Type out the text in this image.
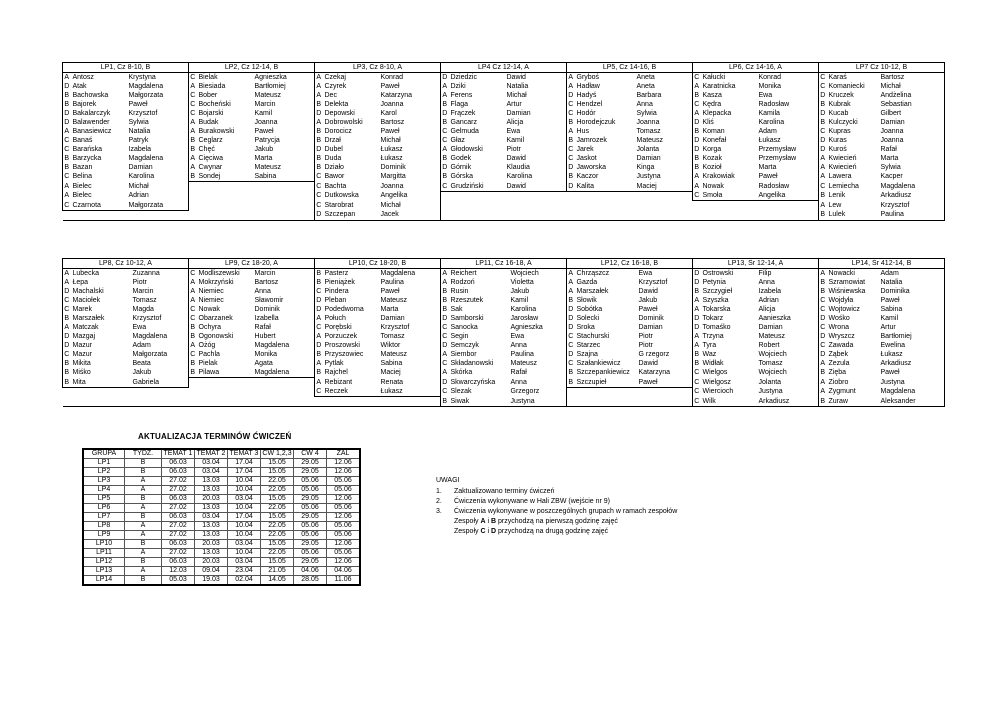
LP1, Cz 8-10, B			LP2, Cz 12-14, B			LP3, Cz 8-10, A			LP4 Cz 12-14, A			LP5, Cz 14-16, B			LP6, Cz 14-16, A			LP7 Cz 10-12, B		
A	Antosz	Krystyna	C	Bielak	Agnieszka	A	Czekaj	Konrad	D	Dziedzic	Dawid	A	Gryboś	Aneta	C	Kałucki	Konrad	C	Karaś	Bartosz
D	Atak	Magdalena	A	Biesiada	Bartłomiej	A	Czyrek	Paweł	A	Dziki	Natalia	A	Hadław	Aneta	A	Karatnicka	Monika	C	Komaniecki	Michał
B	Bachowska	Małgorzata	C	Bober	Mateusz	A	Dec	Katarzyna	A	Ferens	Michał	D	Hadyś	Barbara	B	Kasza	Ewa	D	Kruczek	Andżelina
B	Bajorek	Paweł	C	Bocheński	Marcin	B	Delekta	Joanna	B	Flaga	Artur	C	Hendzel	Anna	C	Kędra	Radosław	B	Kubrak	Sebastian
D	Bakalarczyk	Krzysztof	C	Bojarski	Kamil	D	Depowski	Karol	D	Frączek	Damian	C	Hodór	Sylwia	A	Klepacka	Kamila	D	Kucab	Gilbert
D	Balawender	Sylwia	A	Budak	Joanna	A	Dobrowolski	Bartosz	B	Gancarz	Alicja	B	Horodejczuk	Joanna	D	Kliś	Karolina	B	Kulczycki	Damian
A	Banasiewicz	Natalia	A	Burakowski	Paweł	B	Dorocicz	Paweł	C	Gelmuda	Ewa	A	Hus	Tomasz	B	Koman	Adam	C	Kupras	Joanna
C	Banaś	Patryk	B	Ceglarz	Patrycja	B	Drzał	Michał	C	Głaz	Kamil	B	Jamrozek	Mateusz	D	Konefał	Łukasz	D	Kuras	Joanna
C	Barańska	Izabela	B	Chęć	Jakub	D	Dubel	Łukasz	A	Głodowski	Piotr	C	Jarek	Jolanta	D	Korga	Przemysław	D	Kuroś	Rafał
B	Barzycka	Magdalena	A	Cięciwa	Marta	B	Duda	Łukasz	B	Godek	Dawid	C	Jaskot	Damian	B	Kozak	Przemysław	A	Kwiecień	Marta
B	Bazan	Damian	A	Cwynar	Mateusz	B	Działo	Dominik	D	Górnik	Klaudia	D	Jaworska	Kinga	B	Kozioł	Marta	A	Kwiecień	Sylwia
C	Belina	Karolina	B	Sondej	Sabina	C	Bawor	Margitta	B	Górska	Karolina	B	Kaczor	Justyna	A	Krakowiak	Paweł	A	Lawera	Kacper
A	Bielec	Michał				C	Bachta	Joanna	C	Grudziński	Dawid	D	Kalita	Maciej	A	Nowak	Radosław	C	Lemiecha	Magdalena
A	Bielec	Adrian				C	Dutkowska	Angelika							C	Smoła	Angelika	B	Lenik	Arkadiusz
C	Czarnota	Małgorzata				C	Starobrat	Michał										A	Lew	Krzysztof
						D	Szczepan	Jacek										B	Lulek	Paulina
LP8, Cz 10-12, A			LP9, Cz 18-20, A			LP10, Cz 18-20, B			LP11, Cz 16-18, A			LP12, Cz 16-18, B			LP13, Śr 12-14, A			LP14, Śr 412-14, B		
A	Lubecka	Zuzanna	C	Modliszewski	Marcin	B	Pasterz	Magdalena	A	Reichert	Wojciech	A	Chrząszcz	Ewa	D	Ostrowski	Filip	A	Nowacki	Adam
A	Łepa	Piotr	A	Mokrzyński	Bartosz	B	Pieniążek	Paulina	A	Rodzoń	Violetta	A	Gazda	Krzysztof	D	Petynia	Anna	B	Szramowiat	Natalia
D	Machalski	Marcin	A	Niemiec	Anna	C	Pindera	Paweł	B	Rusin	Jakub	A	Marszałek	Dawid	B	Szczygieł	Izabela	B	Wiśniewska	Dominika
C	Maciołek	Tomasz	A	Niemiec	Sławomir	D	Pleban	Mateusz	B	Rzeszutek	Kamil	B	Słowik	Jakub	A	Szyszka	Adrian	C	Wojdyła	Paweł
C	Marek	Magda	C	Nowak	Dominik	D	Podedworna	Marta	B	Sak	Karolina	D	Sobótka	Paweł	A	Tokarska	Alicja	C	Wojtowicz	Sabina
B	Marszałek	Krzysztof	C	Obarzanek	Izabella	A	Połuch	Damian	D	Samborski	Jarosław	D	Solecki	Dominik	D	Tokarz	Aanieszka	D	Wośko	Kamil
A	Matczak	Ewa	B	Ochyra	Rafał	C	Porębski	Krzysztof	C	Sanocka	Agnieszka	D	Sroka	Damian	D	Tomaśko	Damian	C	Wrona	Artur
D	Mazgaj	Magdalena	B	Ogonowski	Hubert	A	Porzuczek	Tomasz	C	Segin	Ewa	C	Stachurski	Piotr	A	Trzyna	Mateusz	D	Wryszcz	Bartłomiej
D	Mazur	Adam	A	Ożóg	Magdalena	D	Proszowski	Wiktor	D	Semczyk	Anna	C	Starzec	Piotr	A	Tyra	Robert	C	Zawada	Ewelina
C	Mazur	Małgorzata	C	Pachla	Monika	B	Przyszowiec	Mateusz	A	Siembor	Paulina	D	Szajna	G rzegorz	B	Waz	Wojciech	D	Ząbek	Łukasz
B	Mikita	Beata	B	Pielak	Agata	A	Pytlak	Sabina	C	Składanowski	Mateusz	C	Szałankiewicz	Dawid	B	Widłak	Tomasz	A	Zezula	Arkadiusz
B	Miśko	Jakub	B	Pilawa	Magdalena	B	Rajchel	Maciej	A	Skórka	Rafał	B	Szczepankiewicz	Katarzyna	C	Wielgos	Wojciech	B	Zięba	Paweł
B	Mita	Gabriela				A	Rebizant	Renata	D	Skwarczyńska	Anna	B	Szczupieł	Paweł	C	Wielgosz	Jolanta	A	Ziobro	Justyna
						C	Reczek	Łukasz	C	Slezak	Grzegorz				C	Wiercioch	Justyna	A	Zygmunt	Magdalena
									B	Siwak	Justyna				C	Wilk	Arkadiusz	B	Żuraw	Aleksander
AKTUALIZACJA TERMINÓW ĆWICZEŃ
GRUPA	TYDZ.	TEMAT 1	TEMAT 2	TEMAT 3	ĆW 1,2,3	ĆW 4	ZAL
LP1	B	06.03	03.04	17.04	15.05	29.05	12.06
LP2	B	06.03	03.04	17.04	15.05	29.05	12.06
LP3	A	27.02	13.03	10.04	22.05	05.06	05.06
LP4	A	27.02	13.03	10.04	22.05	05.06	05.06
LP5	B	06.03	20.03	03.04	15.05	29.05	12.06
LP6	A	27.02	13.03	10.04	22.05	05.06	05.06
LP7	B	06.03	03.04	17.04	15.05	29.05	12.06
LP8	A	27.02	13.03	10.04	22.05	05.06	05.06
LP9	A	27.02	13.03	10.04	22.05	05.06	05.06
LP10	B	06.03	20.03	03.04	15.05	29.05	12.06
LP11	A	27.02	13.03	10.04	22.05	05.06	05.06
LP12	B	06.03	20.03	03.04	15.05	29.05	12.06
LP13	A	12.03	09.04	23.04	21.05	04.06	04.06
LP14	B	05.03	19.03	02.04	14.05	28.05	11.06
UWAGI
1.	Zaktualizowano terminy ćwiczeń
2.	Ćwiczenia wykonywane w Hali ZBW (wejście nr 9)
3.	Ćwiczenia wykonywane w poszczególnych grupach w ramach zespołów
Zespoły A i B przychodzą na pierwszą godzinę zajęć
Zespoły C i D przychodzą na drugą godzinę zajęć
